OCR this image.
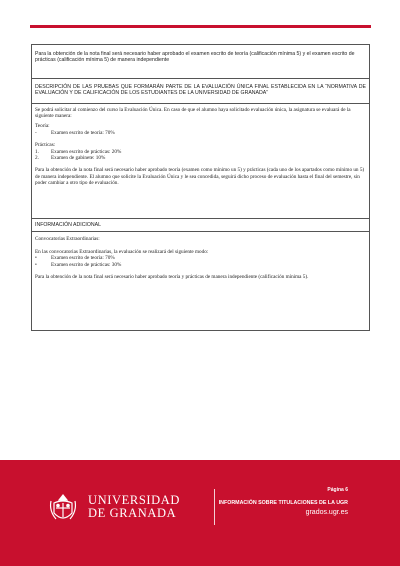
Para la obtención de la nota final será necesario haber aprobado el examen escrito de teoría (calificación mínima 5) y el examen escrito de prácticas (calificación mínima 5) de manera independiente
DESCRIPCIÓN DE LAS PRUEBAS QUE FORMARÁN PARTE DE LA EVALUACIÓN ÚNICA FINAL ESTABLECIDA EN LA “NORMATIVA DE EVALUACIÓN Y DE CALIFICACIÓN DE LOS ESTUDIANTES DE LA UNIVERSIDAD DE GRANADA”

Se podrá solicitar al comienzo del curso la Evaluación Única. En caso de que el alumno haya solicitado evaluación única, la asignatura se evaluará de la siguiente manera:

Teoría:
-	Examen escrito de teoría: 70%
Prácticas:
1.	Examen escrito de prácticas: 20%
2.	Examen de gabinete: 10%

Para la obtención de la nota final será necesario haber aprobado teoría (examen como mínimo un 5) y prácticas (cada uno de los apartados como mínimo un 5) de manera independiente. El alumno que solicite la Evaluación Única y le sea concedida, seguirá dicho proceso de evaluación hasta el final del semestre, sin poder cambiar a otro tipo de evaluación.

INFORMACIÓN ADICIONAL

Convocatorias Extraordinarias:

En las convocatorias Extraordinarias, la evaluación se realizará del siguiente modo:
•	Examen escrito de teoría: 70%
•	Examen escrito de prácticas: 30%

Para la obtención de la nota final será necesario haber aprobado teoría y prácticas de manera independiente (calificación mínima 5).

UNIVERSIDAD
DE GRANADA
Página 6
INFORMACIÓN SOBRE TITULACIONES DE LA UGR
grados.ugr.es
